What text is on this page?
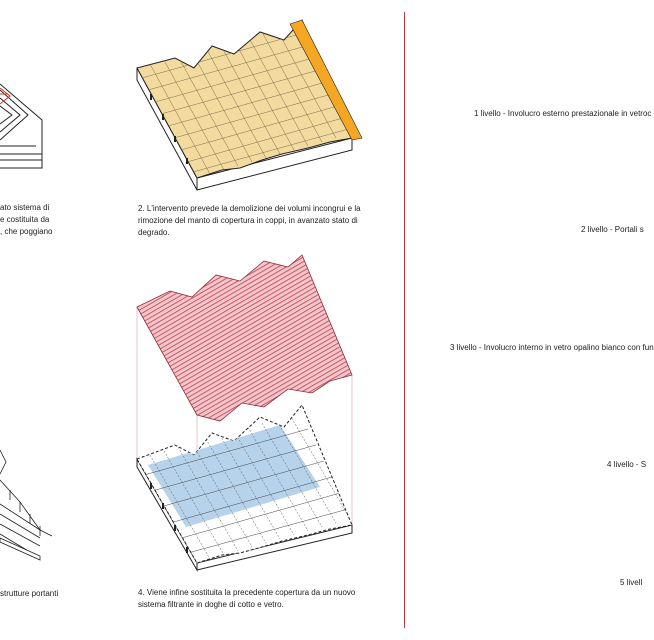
ato sistema di
e costituita da
, che poggiano
2. L'intervento prevede la demolizione dei volumi incongrui e la rimozione del manto di copertura in coppi, in avanzato stato di degrado.
strutture portanti	4. Viene infine sostituita la precedente copertura da un nuovo sistema filtrante in doghe di cotto e vetro.
1 livello - Involucro esterno prestazionale in vetroc
2 livello - Portali s
3 livello - Involucro interno in vetro opalino bianco con fun
4 livello - S
5 livell
